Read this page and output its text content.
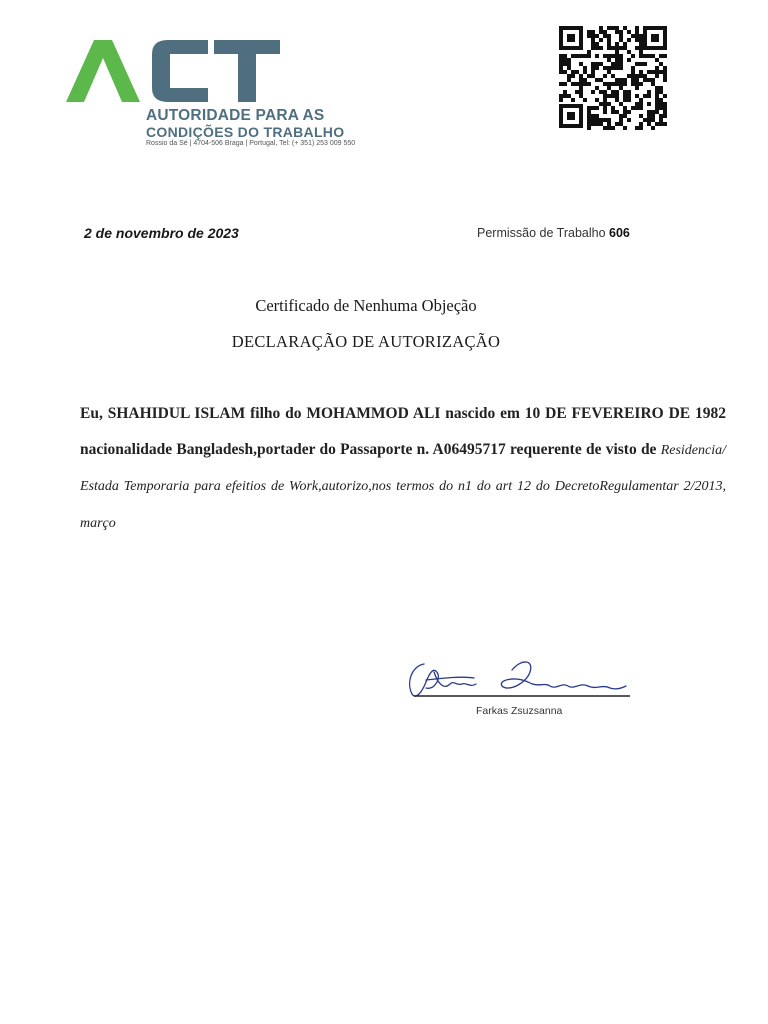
AUTORIDADE PARA AS
CONDIÇÕES DO TRABALHO
Rossio da Sé | 4704-506 Braga | Portugal, Tel: (+ 351) 253 009 550
2 de novembro de 2023	Permissão de Trabalho 606
Certificado de Nenhuma Objeção
DECLARAÇÃO DE AUTORIZAÇÃO
Eu, SHAHIDUL ISLAM filho do MOHAMMOD ALI nascido em 10 DE FEVEREIRO DE 1982 nacionalidade Bangladesh,portader do Passaporte n. A06495717 requerente de visto de Residencia/ Estada Temporaria para efeitios de Work,autorizo,nos termos do n1 do art 12 do DecretoRegulamentar 2/2013, março
Farkas Zsuzsanna
